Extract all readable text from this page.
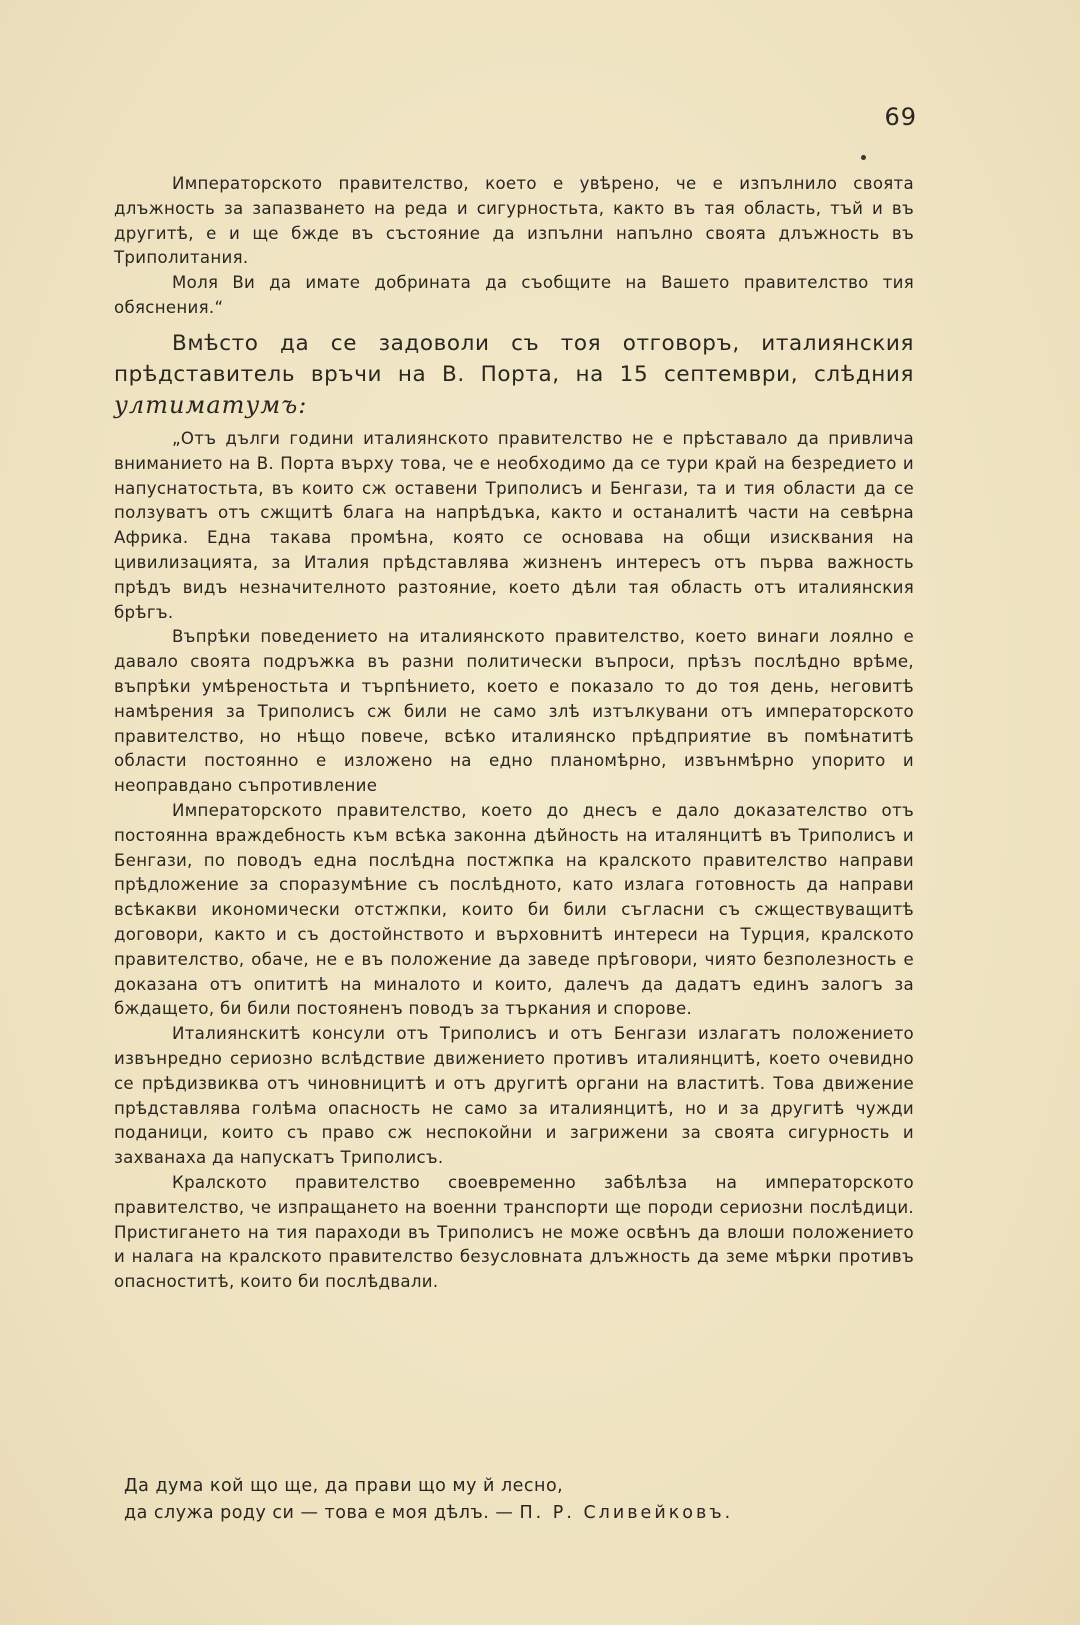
69

Императорското правителство, което е увѣрено, че е изпълнило своята длъжность за запазването на реда и сигурностьта, както въ тая область, тъй и въ другитѣ, е и ще бжде въ състояние да изпълни напълно своята длъжность въ Триполитания.

Моля Ви да имате добрината да съобщите на Вашето правителство тия обяснения.“

Вмѣсто да се задоволи съ тоя отговоръ, италиянския прѣдставитель връчи на В. Порта, на 15 септември, слѣдния ултиматумъ:

„Отъ дълги години италиянското правителство не е прѣставало да привлича вниманието на В. Порта върху това, че е необходимо да се тури край на безредието и напуснатостьта, въ които сж оставени Триполисъ и Бенгази, та и тия области да се ползуватъ отъ сжщитѣ блага на напрѣдъка, както и останалитѣ части на севѣрна Африка. Една такава промѣна, която се основава на общи изисквания на цивилизацията, за Италия прѣдставлява жизненъ интересъ отъ първа важность прѣдъ видъ незначителното разтояние, което дѣли тая область отъ италиянския брѣгъ.

Въпрѣки поведението на италиянското правителство, което винаги лоялно е давало своята подръжка въ разни политически въпроси, прѣзъ послѣдно врѣме, въпрѣки умѣреностьта и търпѣнието, което е показало то до тоя день, неговитѣ намѣрения за Триполисъ сж били не само злѣ изтълкувани отъ императорското правителство, но нѣщо повече, всѣко италиянско прѣдприятие въ помѣнатитѣ области постоянно е изложено на едно планомѣрно, извънмѣрно упорито и неоправдано съпротивление

Императорското правителство, което до днесъ е дало доказателство отъ постоянна враждебность към всѣка законна дѣйность на италянцитѣ въ Триполисъ и Бенгази, по поводъ една послѣдна постжпка на кралското правителство направи прѣдложение за споразумѣние съ послѣдното, като излага готовность да направи всѣкакви икономически отстжпки, които би били съгласни съ сжществуващитѣ договори, както и съ достойнството и върховнитѣ интереси на Турция, кралското правителство, обаче, не е въ положение да заведе прѣговори, чиято безполезность е доказана отъ опититѣ на миналото и които, далечъ да дадатъ единъ залогъ за бждащето, би били постояненъ поводъ за търкания и спорове.

Италиянскитѣ консули отъ Триполисъ и отъ Бенгази излагатъ положението извънредно сериозно вслѣдствие движението противъ италиянцитѣ, което очевидно се прѣдизвиква отъ чиновницитѣ и отъ другитѣ органи на властитѣ. Това движение прѣдставлява голѣма опасность не само за италиянцитѣ, но и за другитѣ чужди поданици, които съ право сж неспокойни и загрижени за своята сигурность и захванаха да напускатъ Триполисъ.

Кралското правителство своевременно забѣлѣза на императорското правителство, че изпращането на военни транспорти ще породи сериозни послѣдици. Пристигането на тия параходи въ Триполисъ не може освѣнъ да влоши положението и налага на кралското правителство безусловната длъжность да земе мѣрки противъ опасноститѣ, които би послѣдвали.

Да дума кой що ще, да прави що му й лесно,
да служа роду си — това е моя дѣлъ. — П. Р. Сливейковъ.
